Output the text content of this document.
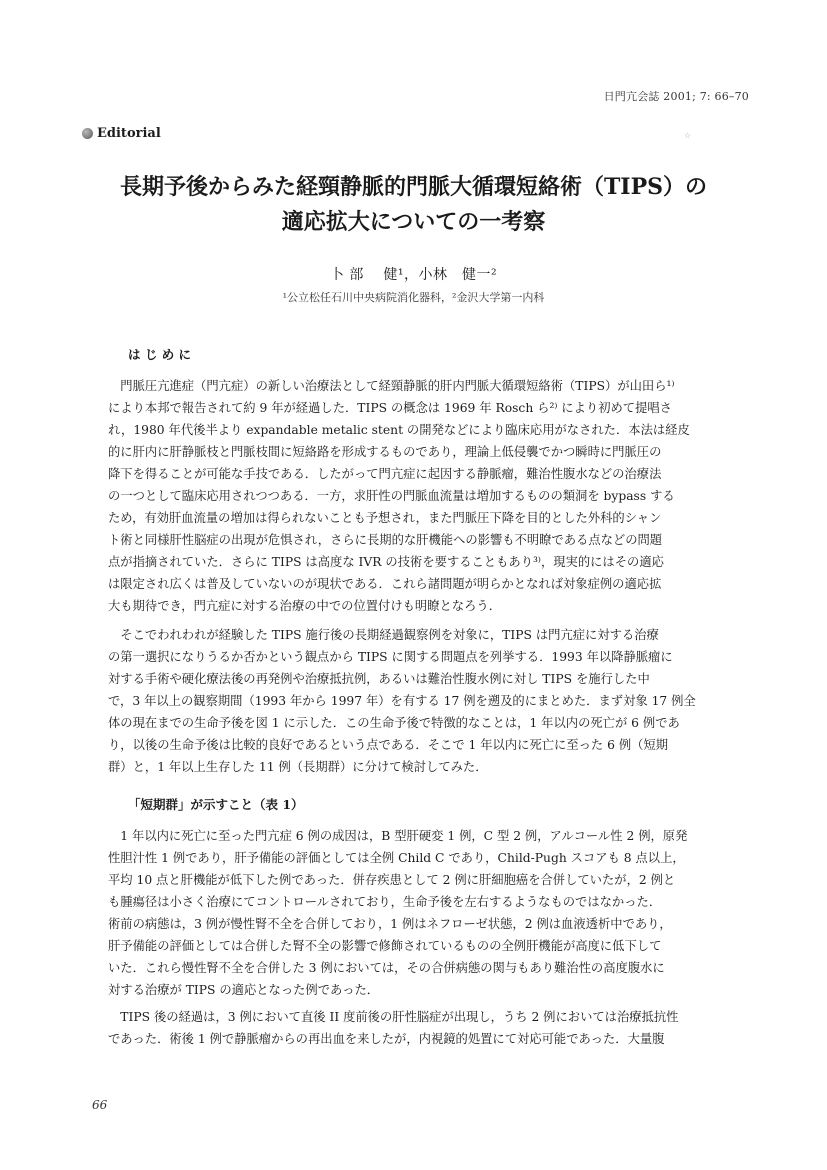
日門亢会誌 2001; 7: 66–70
☆
Editorial
長期予後からみた経頸静脈的門脈大循環短絡術（TIPS）の
適応拡大についての一考察
卜 部　 健¹，小林　健一²
¹公立松任石川中央病院消化器科，²金沢大学第一内科
は じ め に
　門脈圧亢進症（門亢症）の新しい治療法として経頸静脈的肝内門脈大循環短絡術（TIPS）が山田ら¹⁾
により本邦で報告されて約 9 年が経過した．TIPS の概念は 1969 年 Rosch ら²⁾ により初めて提唱さ
れ，1980 年代後半より expandable metalic stent の開発などにより臨床応用がなされた．本法は経皮
的に肝内に肝静脈枝と門脈枝間に短絡路を形成するものであり，理論上低侵襲でかつ瞬時に門脈圧の
降下を得ることが可能な手技である．したがって門亢症に起因する静脈瘤，難治性腹水などの治療法
の一つとして臨床応用されつつある．一方，求肝性の門脈血流量は増加するものの類洞を bypass する
ため，有効肝血流量の増加は得られないことも予想され，また門脈圧下降を目的とした外科的シャン
ト術と同様肝性脳症の出現が危惧され，さらに長期的な肝機能への影響も不明瞭である点などの問題
点が指摘されていた．さらに TIPS は高度な IVR の技術を要することもあり³⁾，現実的にはその適応
は限定され広くは普及していないのが現状である．これら諸問題が明らかとなれば対象症例の適応拡
大も期待でき，門亢症に対する治療の中での位置付けも明瞭となろう．
　そこでわれわれが経験した TIPS 施行後の長期経過観察例を対象に，TIPS は門亢症に対する治療
の第一選択になりうるか否かという観点から TIPS に関する問題点を列挙する．1993 年以降静脈瘤に
対する手術や硬化療法後の再発例や治療抵抗例，あるいは難治性腹水例に対し TIPS を施行した中
で，3 年以上の観察期間（1993 年から 1997 年）を有する 17 例を遡及的にまとめた．まず対象 17 例全
体の現在までの生命予後を図 1 に示した．この生命予後で特徴的なことは，1 年以内の死亡が 6 例であ
り，以後の生命予後は比較的良好であるという点である．そこで 1 年以内に死亡に至った 6 例（短期
群）と，1 年以上生存した 11 例（長期群）に分けて検討してみた．
「短期群」が示すこと（表 1）
　1 年以内に死亡に至った門亢症 6 例の成因は，B 型肝硬変 1 例，C 型 2 例，アルコール性 2 例，原発
性胆汁性 1 例であり，肝予備能の評価としては全例 Child C であり，Child-Pugh スコアも 8 点以上，
平均 10 点と肝機能が低下した例であった．併存疾患として 2 例に肝細胞癌を合併していたが，2 例と
も腫瘍径は小さく治療にてコントロールされており，生命予後を左右するようなものではなかった．
術前の病態は，3 例が慢性腎不全を合併しており，1 例はネフローゼ状態，2 例は血液透析中であり，
肝予備能の評価としては合併した腎不全の影響で修飾されているものの全例肝機能が高度に低下して
いた．これら慢性腎不全を合併した 3 例においては，その合併病態の関与もあり難治性の高度腹水に
対する治療が TIPS の適応となった例であった．
　TIPS 後の経過は，3 例において直後 II 度前後の肝性脳症が出現し，うち 2 例においては治療抵抗性
であった．術後 1 例で静脈瘤からの再出血を来したが，内視鏡的処置にて対応可能であった．大量腹
66
